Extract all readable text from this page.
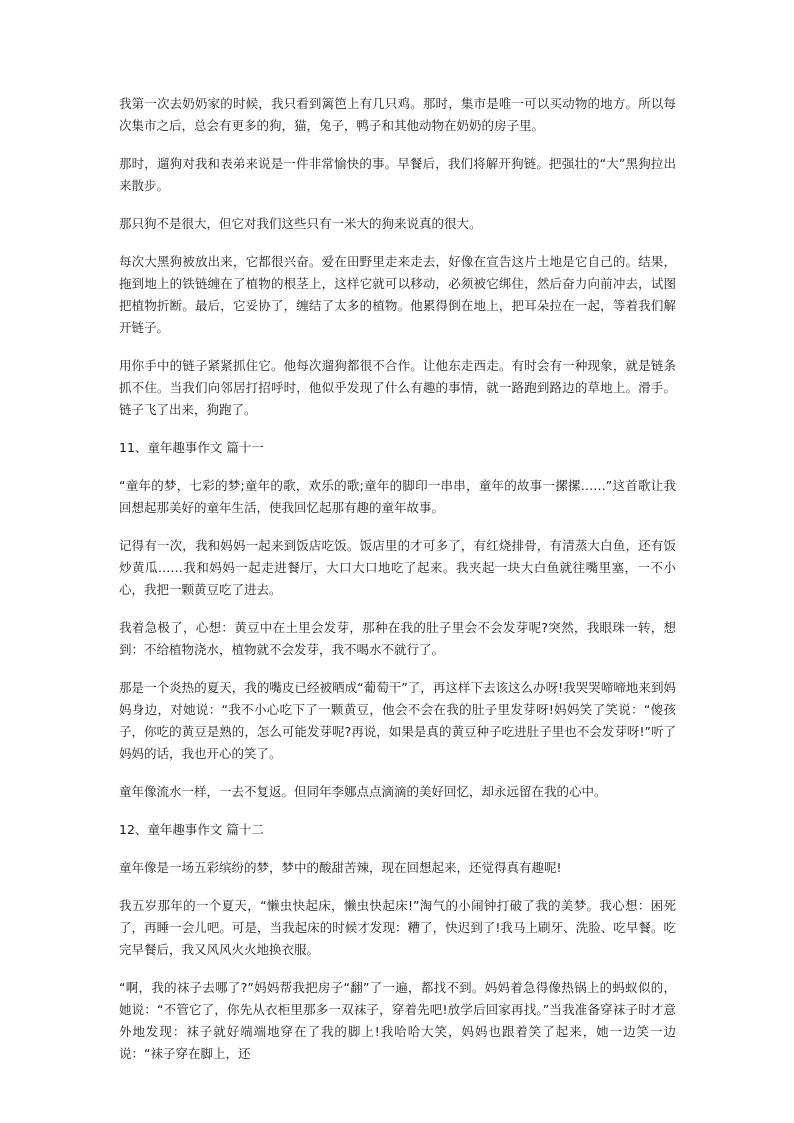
我第一次去奶奶家的时候，我只看到篱笆上有几只鸡。那时，集市是唯一可以买动物的地方。所以每次集市之后，总会有更多的狗，猫，兔子，鸭子和其他动物在奶奶的房子里。

那时，遛狗对我和表弟来说是一件非常愉快的事。早餐后，我们将解开狗链。把强壮的“大”黑狗拉出来散步。

那只狗不是很大，但它对我们这些只有一米大的狗来说真的很大。

每次大黑狗被放出来，它都很兴奋。爱在田野里走来走去，好像在宣告这片土地是它自己的。结果，拖到地上的铁链缠在了植物的根茎上，这样它就可以移动，必须被它绑住，然后奋力向前冲去，试图把植物折断。最后，它妥协了，缠结了太多的植物。他累得倒在地上，把耳朵拉在一起，等着我们解开链子。

用你手中的链子紧紧抓住它。他每次遛狗都很不合作。让他东走西走。有时会有一种现象，就是链条抓不住。当我们向邻居打招呼时，他似乎发现了什么有趣的事情，就一路跑到路边的草地上。滑手。链子飞了出来，狗跑了。

11、童年趣事作文 篇十一

“童年的梦，七彩的梦;童年的歌，欢乐的歌;童年的脚印一串串，童年的故事一摞摞……”这首歌让我回想起那美好的童年生活，使我回忆起那有趣的童年故事。

记得有一次，我和妈妈一起来到饭店吃饭。饭店里的才可多了，有红烧排骨，有清蒸大白鱼，还有饭炒黄瓜……我和妈妈一起走进餐厅，大口大口地吃了起来。我夹起一块大白鱼就往嘴里塞，一不小心，我把一颗黄豆吃了进去。

我着急极了，心想：黄豆中在土里会发芽，那种在我的肚子里会不会发芽呢?突然，我眼珠一转，想到：不给植物浇水，植物就不会发芽，我不喝水不就行了。

那是一个炎热的夏天，我的嘴皮已经被晒成“葡萄干”了，再这样下去该这么办呀!我哭哭啼啼地来到妈妈身边，对她说：“我不小心吃下了一颗黄豆，他会不会在我的肚子里发芽呀!妈妈笑了笑说：“傻孩子，你吃的黄豆是熟的，怎么可能发芽呢?再说，如果是真的黄豆种子吃进肚子里也不会发芽呀!”听了妈妈的话，我也开心的笑了。

童年像流水一样，一去不复返。但同年李娜点点滴滴的美好回忆，却永远留在我的心中。

12、童年趣事作文 篇十二

童年像是一场五彩缤纷的梦，梦中的酸甜苦辣，现在回想起来，还觉得真有趣呢!

我五岁那年的一个夏天，“懒虫快起床，懒虫快起床!”淘气的小闹钟打破了我的美梦。我心想：困死了，再睡一会儿吧。可是，当我起床的时候才发现：糟了，快迟到了!我马上刷牙、洗脸、吃早餐。吃完早餐后，我又风风火火地换衣服。

“啊，我的袜子去哪了?”妈妈帮我把房子“翻”了一遍，都找不到。妈妈着急得像热锅上的蚂蚁似的，她说：“不管它了，你先从衣柜里那多一双袜子，穿着先吧!放学后回家再找。”当我准备穿袜子时才意外地发现：袜子就好端端地穿在了我的脚上!我哈哈大笑，妈妈也跟着笑了起来，她一边笑一边说：“袜子穿在脚上，还
